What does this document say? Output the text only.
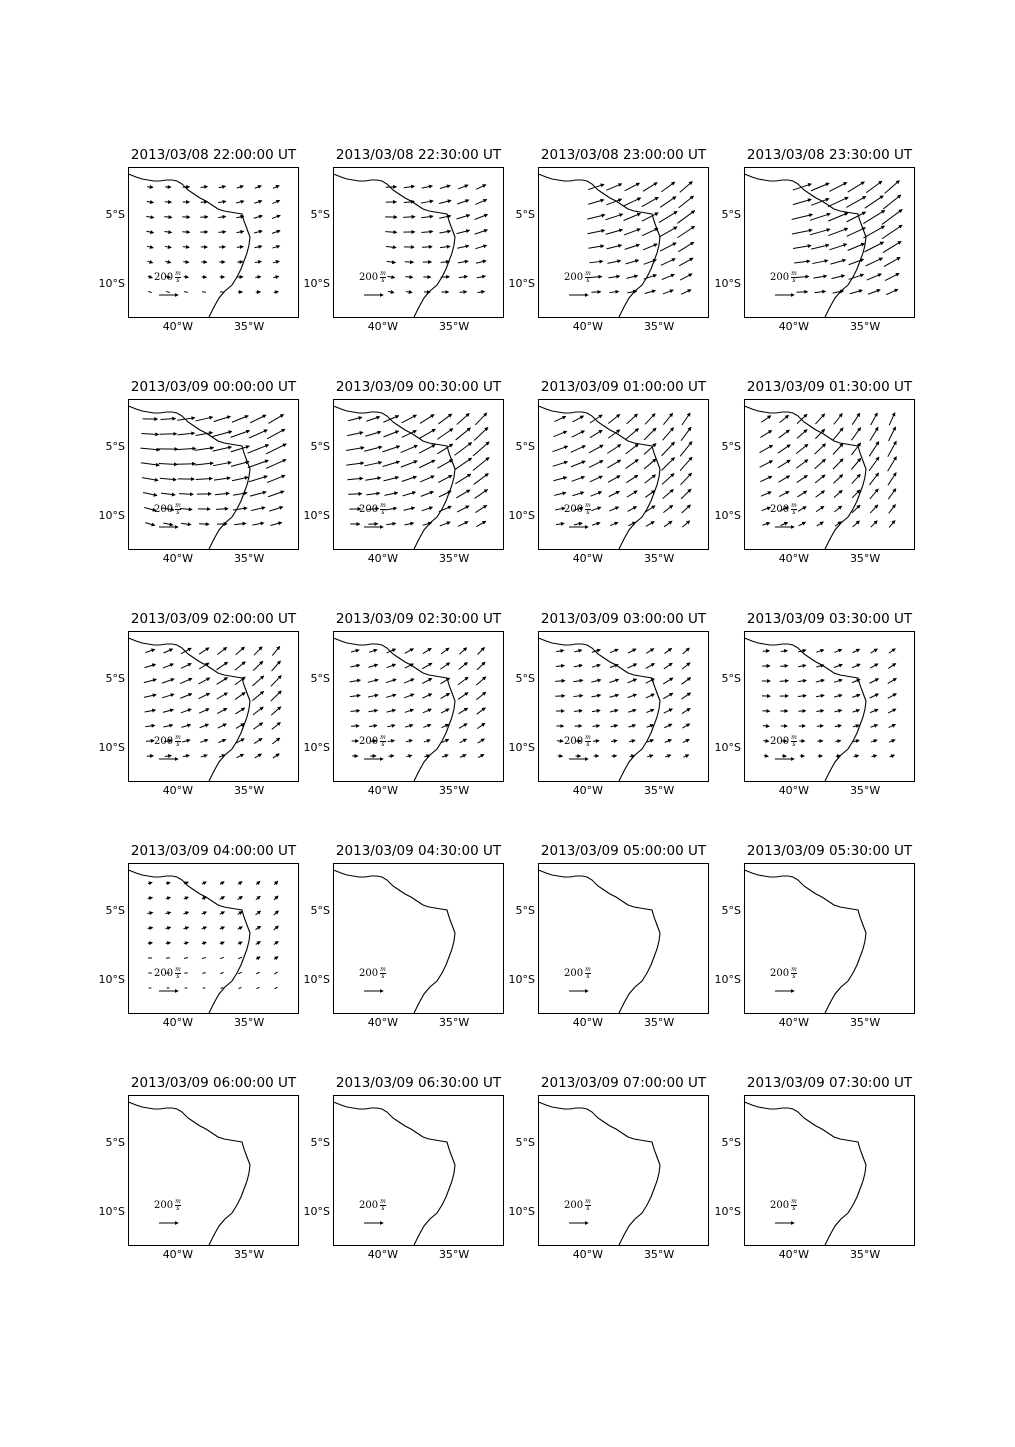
2013/03/08 22:00:00 UT
$200 \frac{m}{s}$
5°S
10°S
40°W	35°W
2013/03/08 22:30:00 UT
$200 \frac{m}{s}$
5°S
10°S
40°W	35°W
2013/03/08 23:00:00 UT
$200 \frac{m}{s}$
5°S
10°S
40°W	35°W
2013/03/08 23:30:00 UT
$200 \frac{m}{s}$
5°S
10°S
40°W	35°W
2013/03/09 00:00:00 UT
$200 \frac{m}{s}$
5°S
10°S
40°W	35°W
2013/03/09 00:30:00 UT
$200 \frac{m}{s}$
5°S
10°S
40°W	35°W
2013/03/09 01:00:00 UT
$200 \frac{m}{s}$
5°S
10°S
40°W	35°W
2013/03/09 01:30:00 UT
$200 \frac{m}{s}$
5°S
10°S
40°W	35°W
2013/03/09 02:00:00 UT
$200 \frac{m}{s}$
5°S
10°S
40°W	35°W
2013/03/09 02:30:00 UT
$200 \frac{m}{s}$
5°S
10°S
40°W	35°W
2013/03/09 03:00:00 UT
$200 \frac{m}{s}$
5°S
10°S
40°W	35°W
2013/03/09 03:30:00 UT
$200 \frac{m}{s}$
5°S
10°S
40°W	35°W
2013/03/09 04:00:00 UT
$200 \frac{m}{s}$
5°S
10°S
40°W	35°W
2013/03/09 04:30:00 UT
$200 \frac{m}{s}$
5°S
10°S
40°W	35°W
2013/03/09 05:00:00 UT
$200 \frac{m}{s}$
5°S
10°S
40°W	35°W
2013/03/09 05:30:00 UT
$200 \frac{m}{s}$
5°S
10°S
40°W	35°W
2013/03/09 06:00:00 UT
$200 \frac{m}{s}$
5°S
10°S
40°W	35°W
2013/03/09 06:30:00 UT
$200 \frac{m}{s}$
5°S
10°S
40°W	35°W
2013/03/09 07:00:00 UT
$200 \frac{m}{s}$
5°S
10°S
40°W	35°W
2013/03/09 07:30:00 UT
$200 \frac{m}{s}$
5°S
10°S
40°W	35°W
